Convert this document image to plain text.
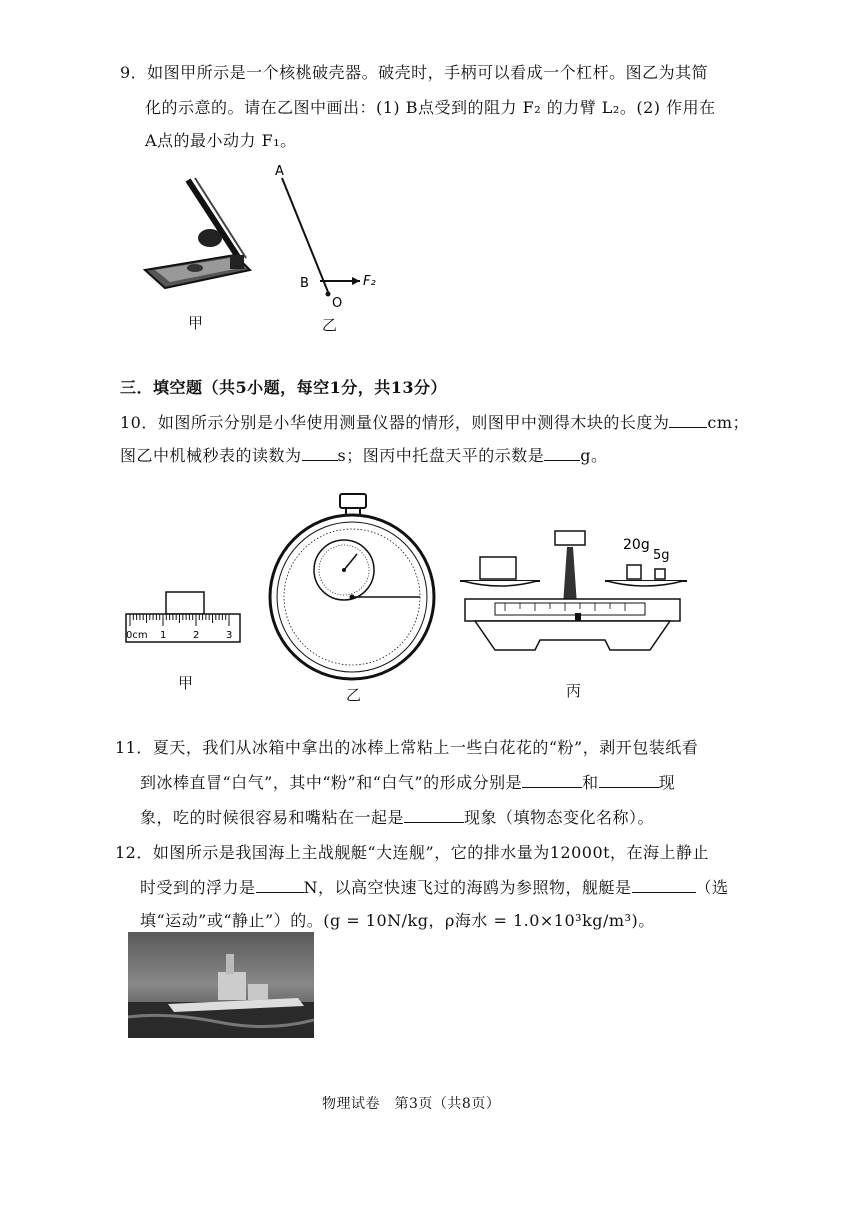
9．如图甲所示是一个核桃破壳器。破壳时，手柄可以看成一个杠杆。图乙为其简
化的示意的。请在乙图中画出：(1) B点受到的阻力 F₂ 的力臂 L₂。(2) 作用在
A点的最小动力 F₁。
A
B
O
F₂
甲	乙
三．填空题（共5小题，每空1分，共13分）
10．如图所示分别是小华使用测量仪器的情形，则图甲中测得木块的长度为 cm；
图乙中机械秒表的读数为 s；图丙中托盘天平的示数是 g。
0cm 1	2	3
甲
乙
20g
5g
丙
11．夏天，我们从冰箱中拿出的冰棒上常粘上一些白花花的“粉”，剥开包装纸看
到冰棒直冒“白气”，其中“粉”和“白气”的形成分别是	和	现
象，吃的时候很容易和嘴粘在一起是	现象（填物态变化名称）。
12．如图所示是我国海上主战舰艇“大连舰”，它的排水量为12000t，在海上静止
时受到的浮力是	N，以高空快速飞过的海鸥为参照物，舰艇是	（选
填“运动”或“静止”）的。(g = 10N/kg，ρ海水 = 1.0×10³kg/m³)。
物理试卷　第3页（共8页）
